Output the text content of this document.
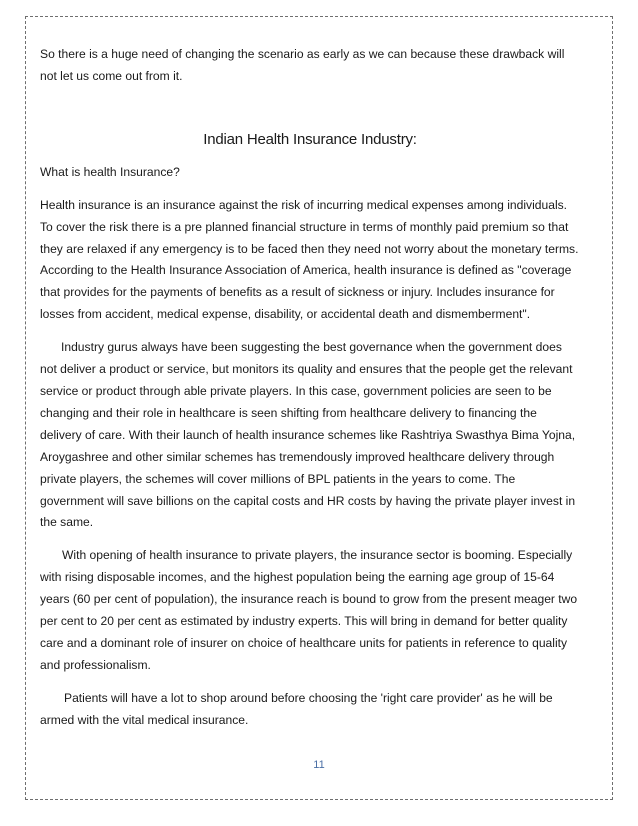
So there is a huge need of changing the scenario as early as we can because these drawback will not let us come out from it.

Indian Health Insurance Industry:

What is health Insurance?

Health insurance is an insurance against the risk of incurring medical expenses among individuals. To cover the risk there is a pre planned financial structure in terms of monthly paid premium so that they are relaxed if any emergency is to be faced then they need not worry about the monetary terms. According to the Health Insurance Association of America, health insurance is defined as "coverage that provides for the payments of benefits as a result of sickness or injury. Includes insurance for losses from accident, medical expense, disability, or accidental death and dismemberment".

Industry gurus always have been suggesting the best governance when the government does not deliver a product or service, but monitors its quality and ensures that the people get the relevant service or product through able private players. In this case, government policies are seen to be changing and their role in healthcare is seen shifting from healthcare delivery to financing the delivery of care. With their launch of health insurance schemes like Rashtriya Swasthya Bima Yojna, Aroygashree and other similar schemes has tremendously improved healthcare delivery through private players, the schemes will cover millions of BPL patients in the years to come. The government will save billions on the capital costs and HR costs by having the private player invest in the same.

With opening of health insurance to private players, the insurance sector is booming. Especially with rising disposable incomes, and the highest population being the earning age group of 15-64 years (60 per cent of population), the insurance reach is bound to grow from the present meager two per cent to 20 per cent as estimated by industry experts. This will bring in demand for better quality care and a dominant role of insurer on choice of healthcare units for patients in reference to quality and professionalism.

Patients will have a lot to shop around before choosing the 'right care provider' as he will be armed with the vital medical insurance.

11
